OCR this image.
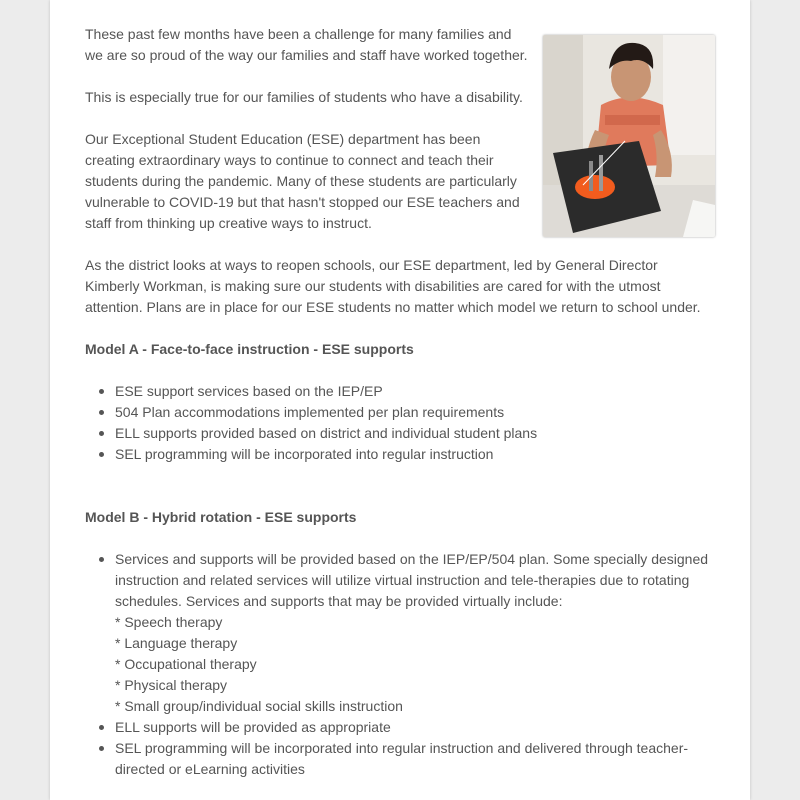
These past few months have been a challenge for many families and we are so proud of the way our families and staff have worked together.

This is especially true for our families of students who have a disability.

Our Exceptional Student Education (ESE) department has been creating extraordinary ways to continue to connect and teach their students during the pandemic. Many of these students are particularly vulnerable to COVID-19 but that hasn't stopped our ESE teachers and staff from thinking up creative ways to instruct.

As the district looks at ways to reopen schools, our ESE department, led by General Director Kimberly Workman, is making sure our students with disabilities are cared for with the utmost attention. Plans are in place for our ESE students no matter which model we return to school under.

Model A - Face-to-face instruction - ESE supports

ESE support services based on the IEP/EP
504 Plan accommodations implemented per plan requirements
ELL supports provided based on district and individual student plans
SEL programming will be incorporated into regular instruction

Model B - Hybrid rotation - ESE supports

Services and supports will be provided based on the IEP/EP/504 plan. Some specially designed instruction and related services will utilize virtual instruction and tele-therapies due to rotating schedules. Services and supports that may be provided virtually include:
* Speech therapy
* Language therapy
* Occupational therapy
* Physical therapy
* Small group/individual social skills instruction
ELL supports will be provided as appropriate
SEL programming will be incorporated into regular instruction and delivered through teacher-directed or eLearning activities
